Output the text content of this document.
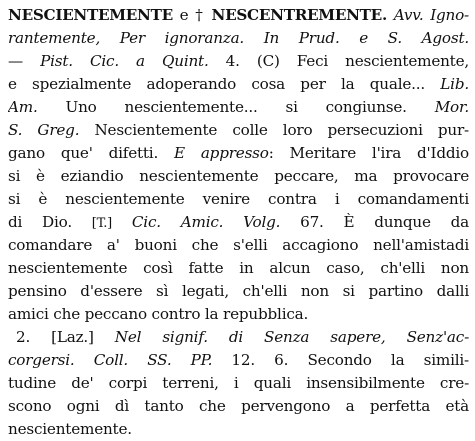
NESCIENTEMENTE e † NESCENTREMENTE. Avv. Igno-
rantemente, Per ignoranza. In Prud. e S. Agost.
— Pist. Cic. a Quint. 4. (C) Feci nescientemente,
e spezialmente adoperando cosa per la quale... Lib.
Am. Uno nescientemente... si congiunse. Mor.
S. Greg. Nescientemente colle loro persecuzioni pur-
gano que' difetti. E appresso: Meritare l'ira d'Iddio
si è eziandio nescientemente peccare, ma provocare
si è nescientemente venire contra i comandamenti
di Dio. [T.] Cic. Amic. Volg. 67. È dunque da
comandare a' buoni che s'elli accagiono nell'amistadi
nescientemente così fatte in alcun caso, ch'elli non
pensino d'essere sì legati, ch'elli non si partino dalli
amici che peccano contro la repubblica.
2. [Laz.] Nel signif. di Senza sapere, Senz'ac-
corgersi. Coll. SS. PP. 12. 6. Secondo la simili-
tudine de' corpi terreni, i quali insensibilmente cre-
scono ogni dì tanto che pervengono a perfetta età
nescientemente.
